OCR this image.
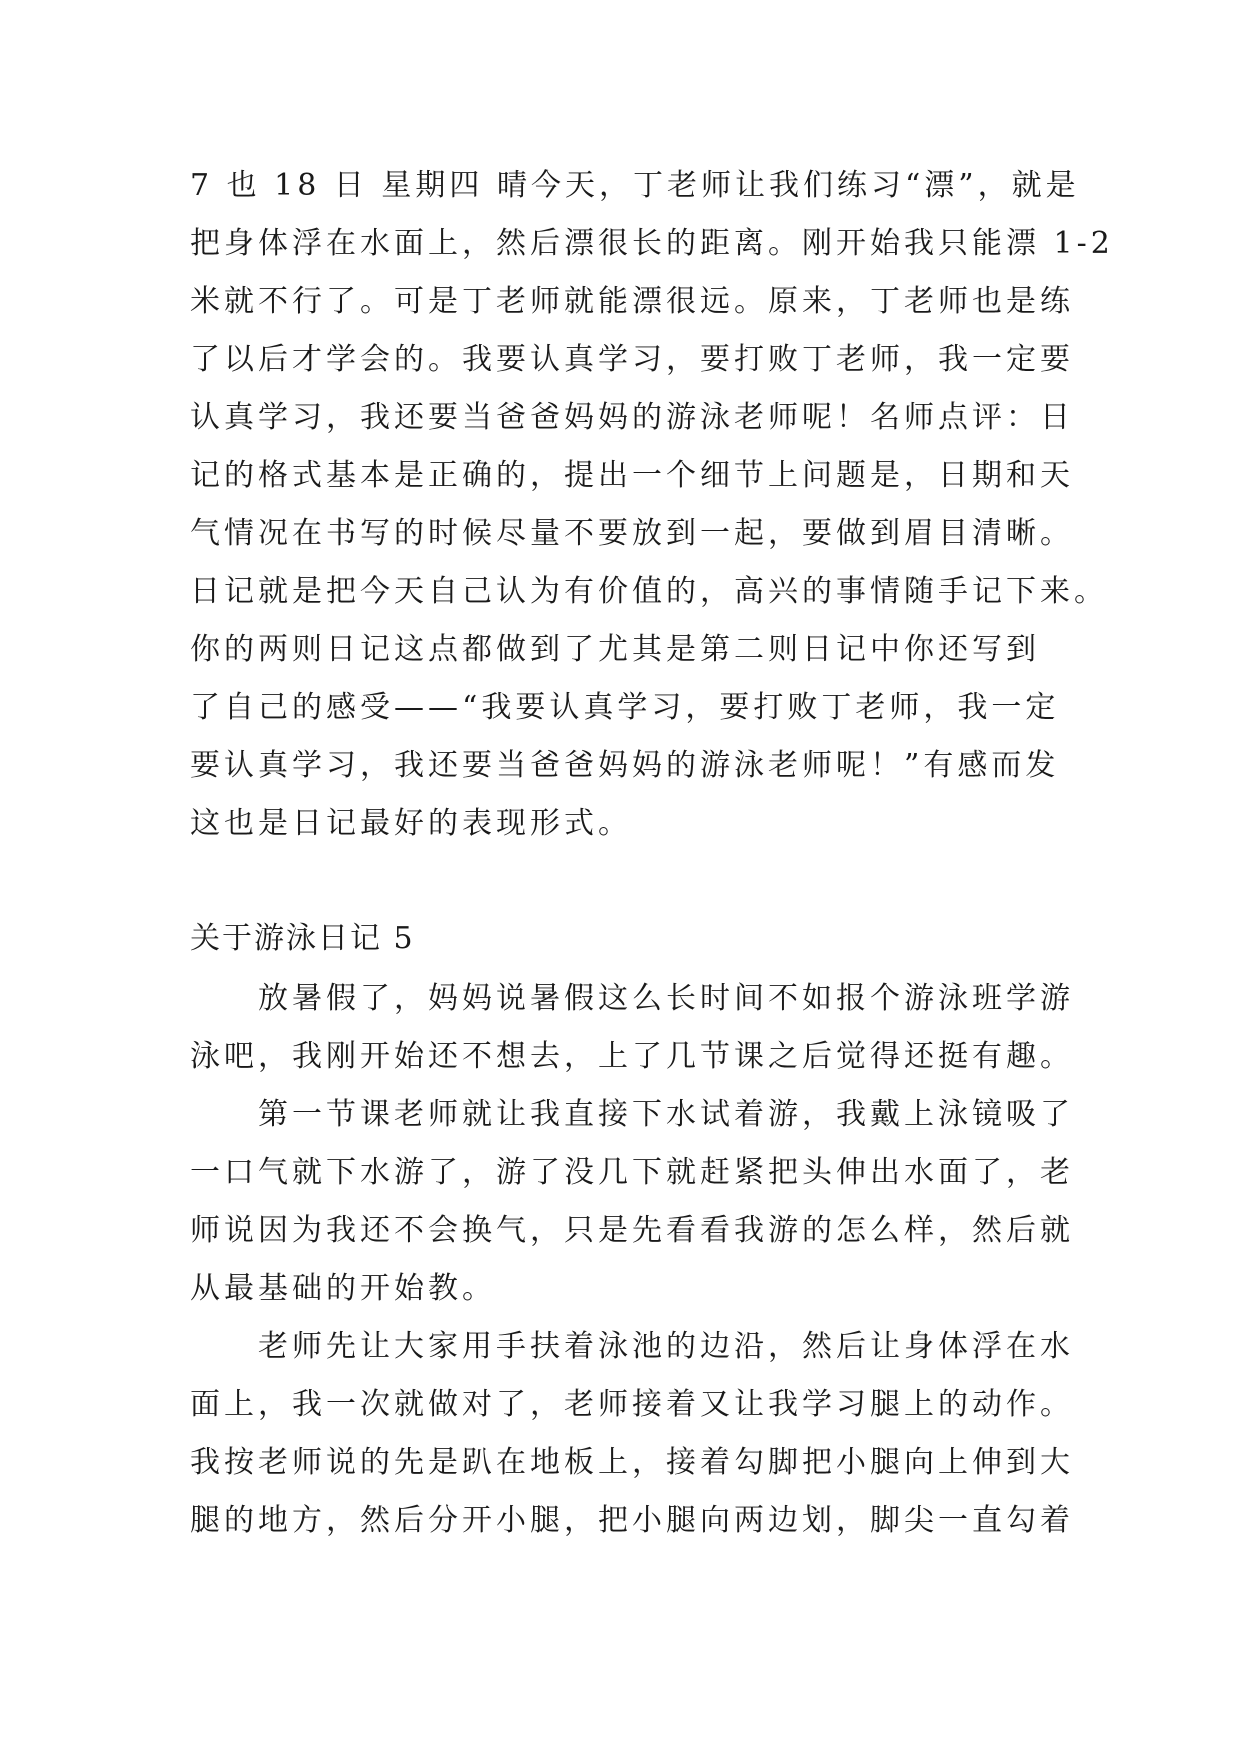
7 也 18 日 星期四 晴今天，丁老师让我们练习“漂”，就是
把身体浮在水面上，然后漂很长的距离。刚开始我只能漂 1-2
米就不行了。可是丁老师就能漂很远。原来，丁老师也是练
了以后才学会的。我要认真学习，要打败丁老师，我一定要
认真学习，我还要当爸爸妈妈的游泳老师呢！名师点评：日
记的格式基本是正确的，提出一个细节上问题是，日期和天
气情况在书写的时候尽量不要放到一起，要做到眉目清晰。
日记就是把今天自己认为有价值的，高兴的事情随手记下来。
你的两则日记这点都做到了尤其是第二则日记中你还写到
了自己的感受——“我要认真学习，要打败丁老师，我一定
要认真学习，我还要当爸爸妈妈的游泳老师呢！”有感而发
这也是日记最好的表现形式。
关于游泳日记 5
　　放暑假了，妈妈说暑假这么长时间不如报个游泳班学游
泳吧，我刚开始还不想去，上了几节课之后觉得还挺有趣。
　　第一节课老师就让我直接下水试着游，我戴上泳镜吸了
一口气就下水游了，游了没几下就赶紧把头伸出水面了，老
师说因为我还不会换气，只是先看看我游的怎么样，然后就
从最基础的开始教。
　　老师先让大家用手扶着泳池的边沿，然后让身体浮在水
面上，我一次就做对了，老师接着又让我学习腿上的动作。
我按老师说的先是趴在地板上，接着勾脚把小腿向上伸到大
腿的地方，然后分开小腿，把小腿向两边划，脚尖一直勾着
